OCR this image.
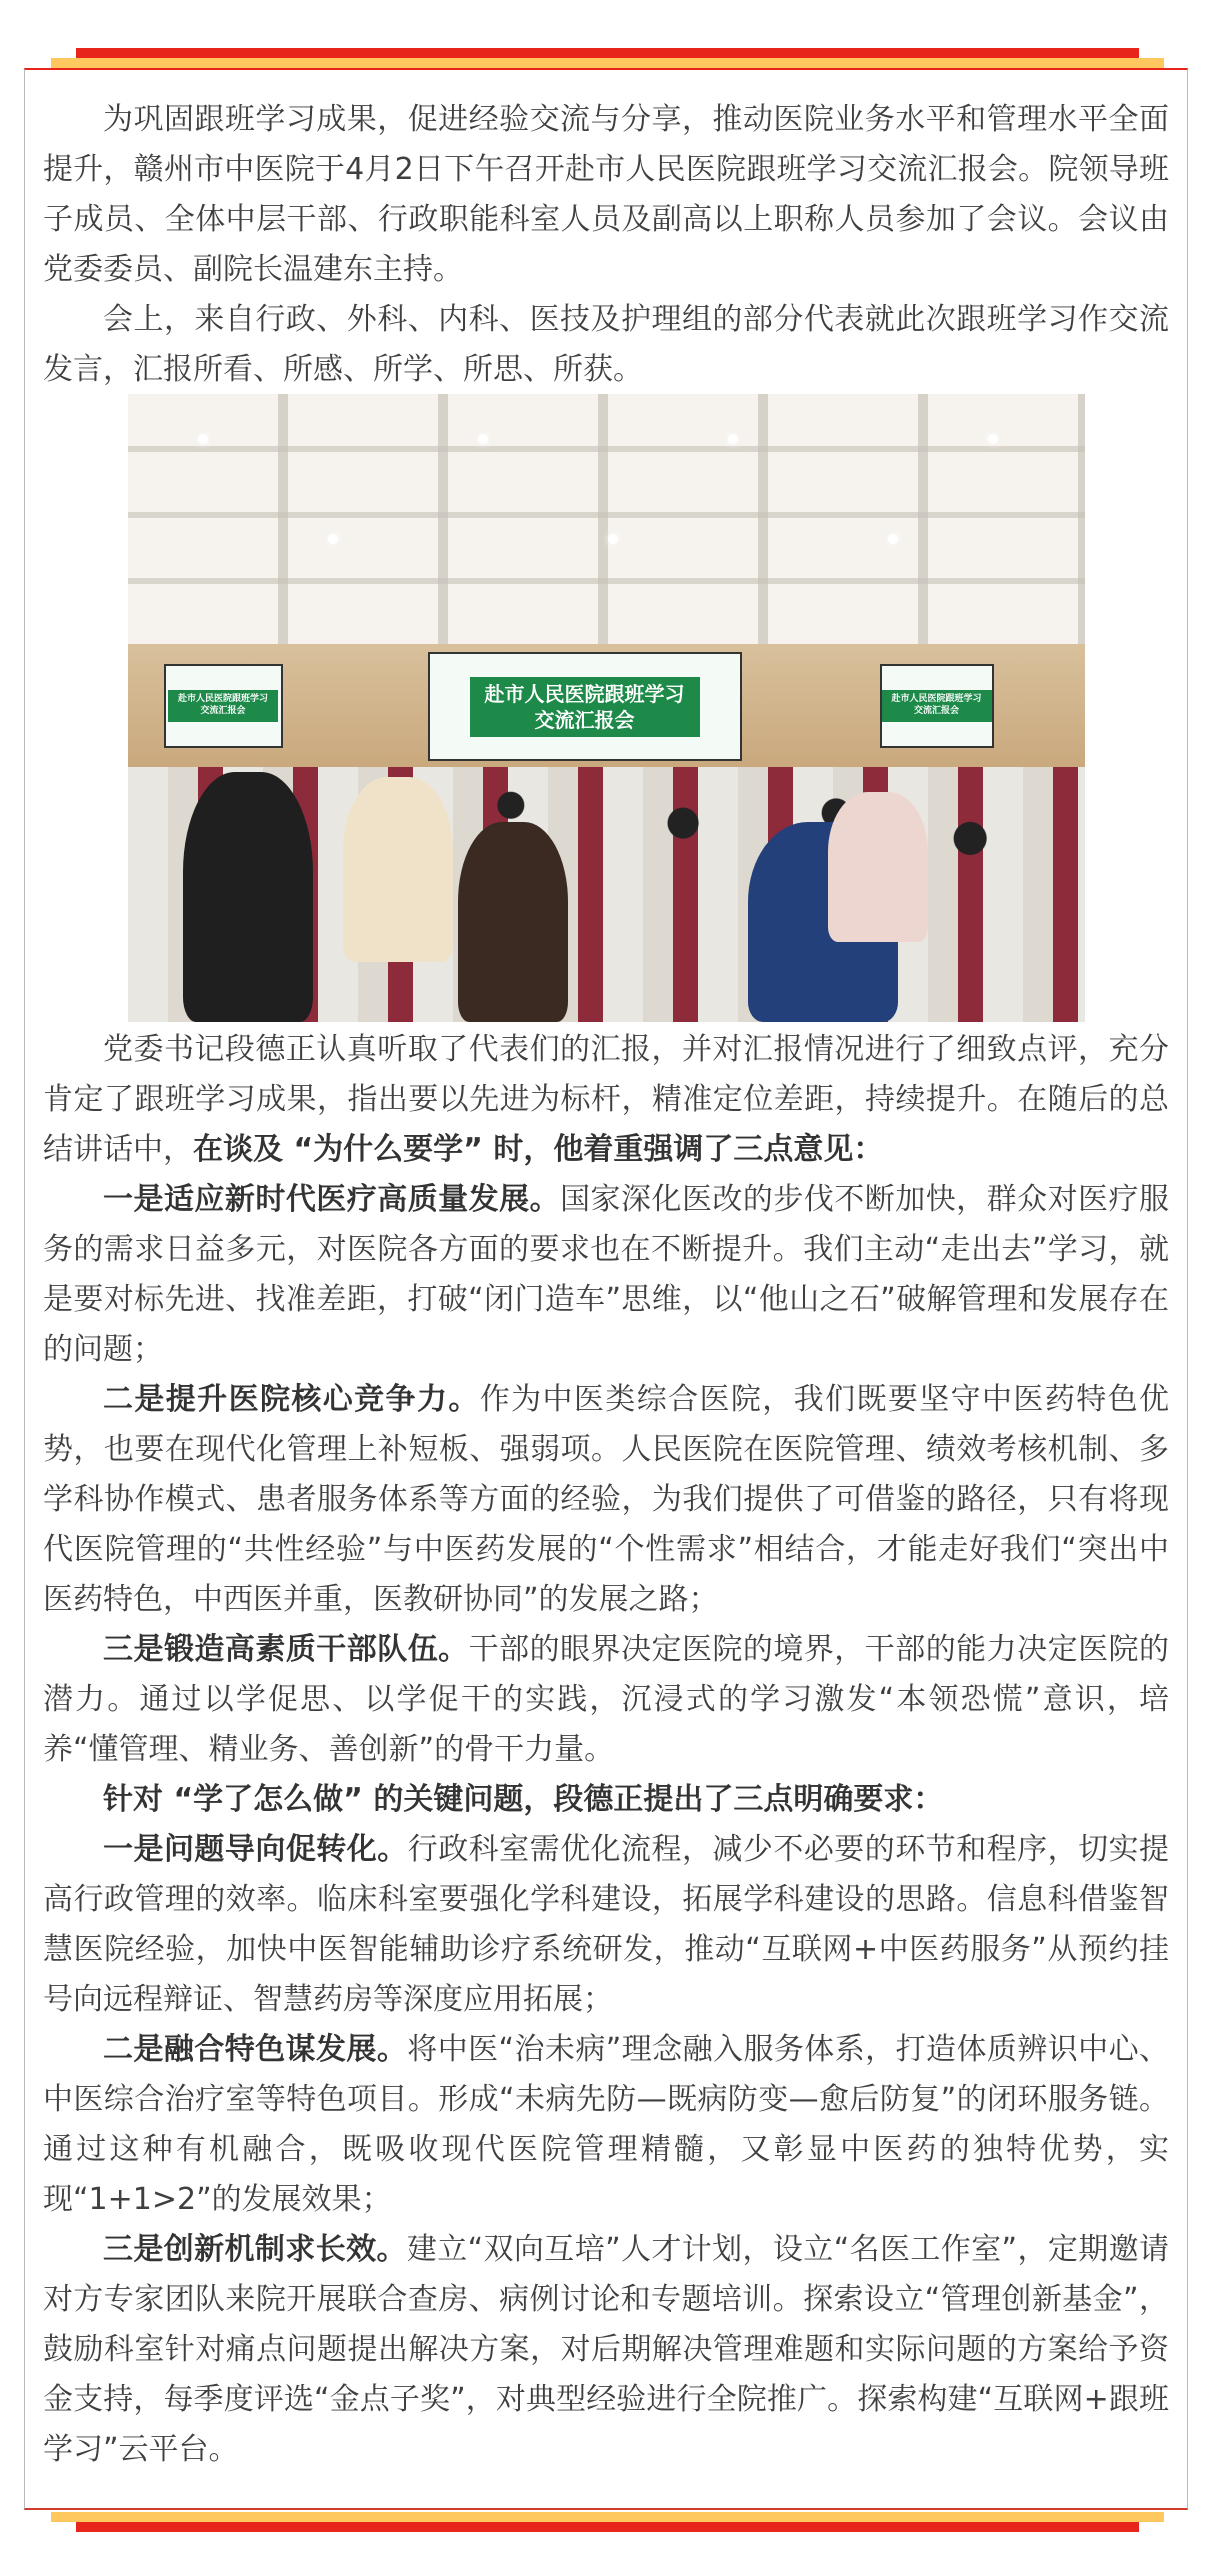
为巩固跟班学习成果，促进经验交流与分享，推动医院业务水平和管理水平全面提升，赣州市中医院于4月2日下午召开赴市人民医院跟班学习交流汇报会。院领导班子成员、全体中层干部、行政职能科室人员及副高以上职称人员参加了会议。会议由党委委员、副院长温建东主持。

会上，来自行政、外科、内科、医技及护理组的部分代表就此次跟班学习作交流发言，汇报所看、所感、所学、所思、所获。

赴市人民医院跟班学习
交流汇报会
赴市人民医院跟班学习
交流汇报会
赴市人民医院跟班学习
交流汇报会

党委书记段德正认真听取了代表们的汇报，并对汇报情况进行了细致点评，充分肯定了跟班学习成果，指出要以先进为标杆，精准定位差距，持续提升。在随后的总结讲话中，在谈及 “为什么要学” 时，他着重强调了三点意见：

一是适应新时代医疗高质量发展。国家深化医改的步伐不断加快，群众对医疗服务的需求日益多元，对医院各方面的要求也在不断提升。我们主动“走出去”学习，就是要对标先进、找准差距，打破“闭门造车”思维，以“他山之石”破解管理和发展存在的问题；

二是提升医院核心竞争力。作为中医类综合医院，我们既要坚守中医药特色优势，也要在现代化管理上补短板、强弱项。人民医院在医院管理、绩效考核机制、多学科协作模式、患者服务体系等方面的经验，为我们提供了可借鉴的路径，只有将现代医院管理的“共性经验”与中医药发展的“个性需求”相结合，才能走好我们“突出中医药特色，中西医并重，医教研协同”的发展之路；

三是锻造高素质干部队伍。干部的眼界决定医院的境界，干部的能力决定医院的潜力。通过以学促思、以学促干的实践，沉浸式的学习激发“本领恐慌”意识，培养“懂管理、精业务、善创新”的骨干力量。

针对 “学了怎么做” 的关键问题，段德正提出了三点明确要求：

一是问题导向促转化。行政科室需优化流程，减少不必要的环节和程序，切实提高行政管理的效率。临床科室要强化学科建设，拓展学科建设的思路。信息科借鉴智慧医院经验，加快中医智能辅助诊疗系统研发，推动“互联网+中医药服务”从预约挂号向远程辩证、智慧药房等深度应用拓展；

二是融合特色谋发展。将中医“治未病”理念融入服务体系，打造体质辨识中心、中医综合治疗室等特色项目。形成“未病先防—既病防变—愈后防复”的闭环服务链。通过这种有机融合，既吸收现代医院管理精髓，又彰显中医药的独特优势，实现“1+1>2”的发展效果；

三是创新机制求长效。建立“双向互培”人才计划，设立“名医工作室”，定期邀请对方专家团队来院开展联合查房、病例讨论和专题培训。探索设立“管理创新基金”，鼓励科室针对痛点问题提出解决方案，对后期解决管理难题和实际问题的方案给予资金支持，每季度评选“金点子奖”，对典型经验进行全院推广。探索构建“互联网+跟班学习”云平台。
